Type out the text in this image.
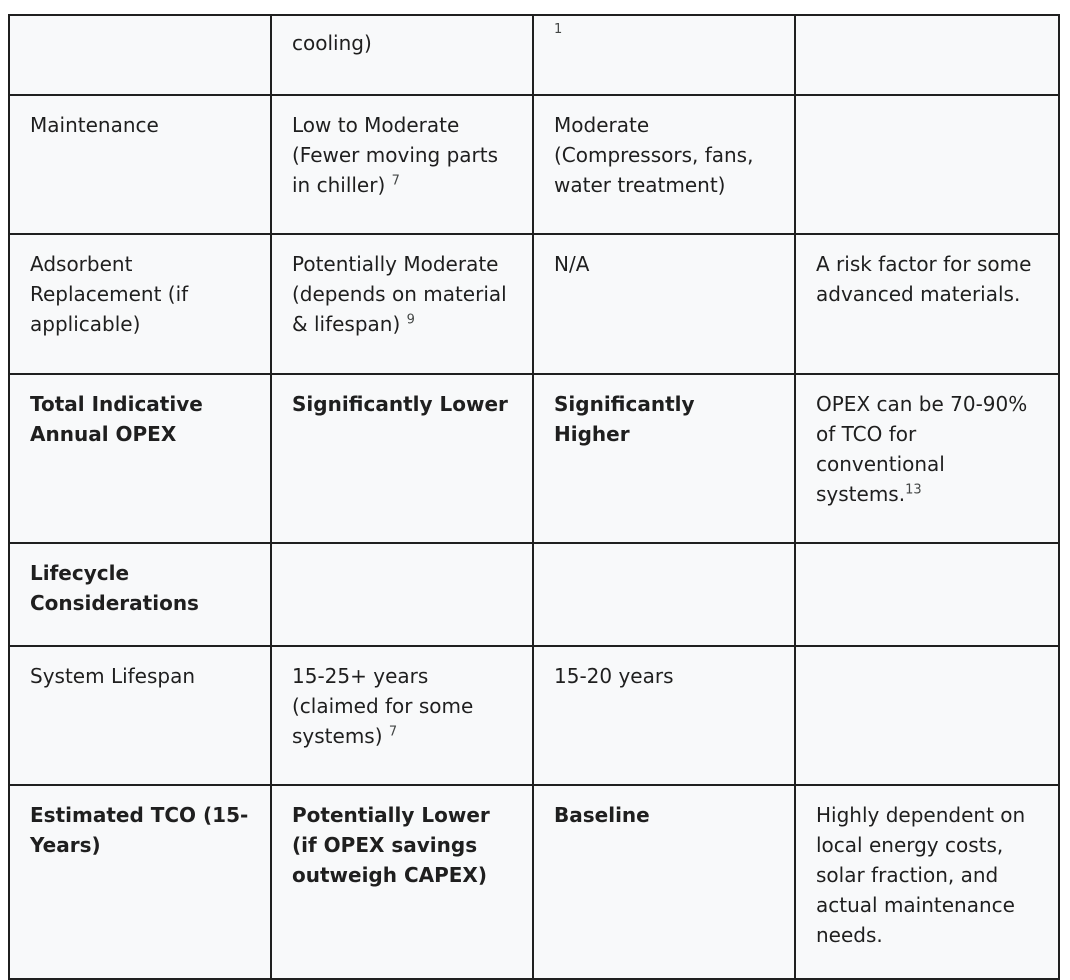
	cooling)	$^1$	
Maintenance	Low to Moderate (Fewer moving parts in chiller) $^7$	Moderate (Compressors, fans, water treatment)	
Adsorbent Replacement (if applicable)	Potentially Moderate (depends on material & lifespan) $^9$	N/A	A risk factor for some advanced materials.
Total Indicative Annual OPEX	Significantly Lower	Significantly Higher	OPEX can be 70-90% of TCO for conventional systems.$^{13}$
Lifecycle Considerations			
System Lifespan	15-25+ years (claimed for some systems) $^7$	15-20 years	
Estimated TCO (15-Years)	Potentially Lower (if OPEX savings outweigh CAPEX)	Baseline	Highly dependent on local energy costs, solar fraction, and actual maintenance needs.
